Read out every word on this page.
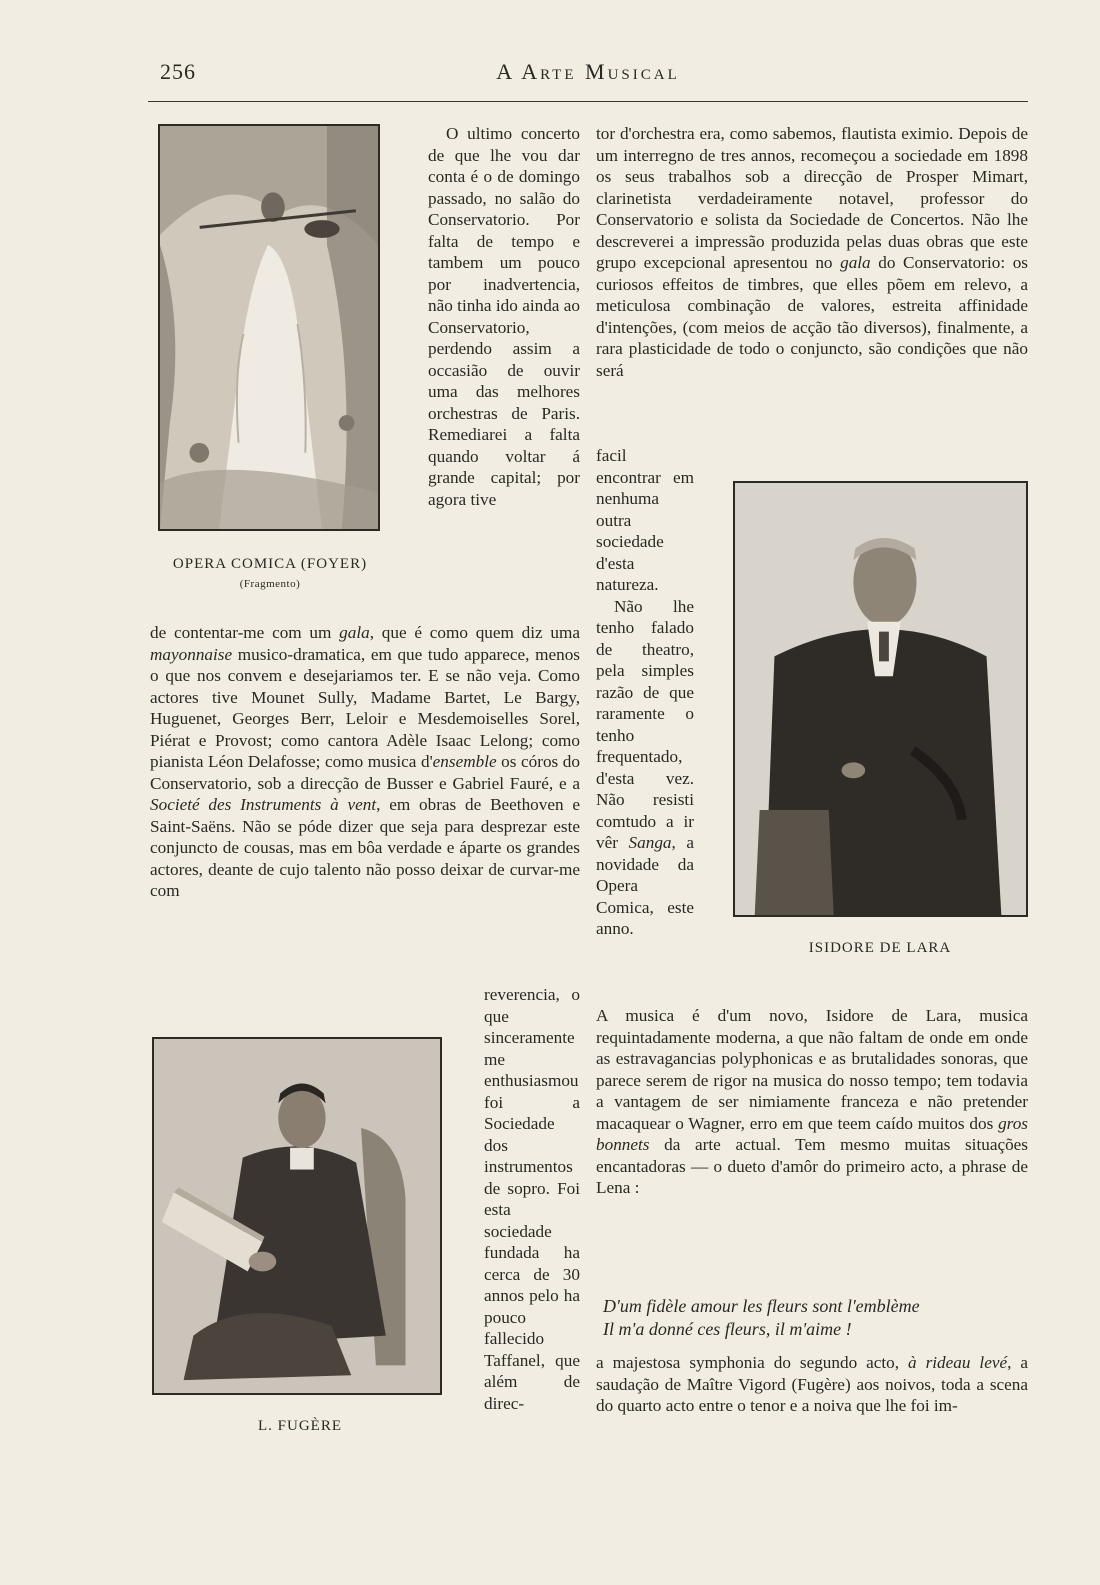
256	A Arte Musical
OPERA COMICA (FOYER)
(Fragmento)

O ultimo concerto de que lhe vou dar conta é o de domingo passado, no salão do Conservatorio. Por falta de tempo e tambem um pouco por inadvertencia, não tinha ido ainda ao Conservatorio, perdendo assim a occasião de ouvir uma das melhores orchestras de Paris. Remediarei a falta quando voltar á grande capital; por agora tive

de contentar-me com um gala, que é como quem diz uma mayonnaise musico-dramatica, em que tudo apparece, menos o que nos convem e desejariamos ter. E se não veja. Como actores tive Mounet Sully, Madame Bartet, Le Bargy, Huguenet, Georges Berr, Leloir e Mesdemoiselles Sorel, Piérat e Provost; como cantora Adèle Isaac Lelong; como pianista Léon Delafosse; como musica d'ensemble os córos do Conservatorio, sob a direcção de Busser e Gabriel Fauré, e a Societé des Instruments à vent, em obras de Beethoven e Saint-Saëns. Não se póde dizer que seja para desprezar este conjuncto de cousas, mas em bôa verdade e áparte os grandes actores, deante de cujo talento não posso deixar de curvar-me com

reverencia, o que sinceramente me enthusiasmou foi a Sociedade dos instrumentos de sopro. Foi esta sociedade fundada ha cerca de 30 annos pelo ha pouco fallecido Taffanel, que além de direc-

L. FUGÈRE

tor d'orchestra era, como sabemos, flautista eximio. Depois de um interregno de tres annos, recomeçou a sociedade em 1898 os seus trabalhos sob a direcção de Prosper Mimart, clarinetista verdadeiramente notavel, professor do Conservatorio e solista da Sociedade de Concertos. Não lhe descreverei a impressão produzida pelas duas obras que este grupo excepcional apresentou no gala do Conservatorio: os curiosos effeitos de timbres, que elles põem em relevo, a meticulosa combinação de valores, estreita affinidade d'intenções, (com meios de acção tão diversos), finalmente, a rara plasticidade de todo o conjuncto, são condições que não será

facil encontrar em nenhuma outra sociedade d'esta natureza.

Não lhe tenho falado de theatro, pela simples razão de que raramente o tenho frequentado, d'esta vez. Não resisti comtudo a ir vêr Sanga, a novidade da Opera Comica, este anno.

ISIDORE DE LARA

A musica é d'um novo, Isidore de Lara, musica requintadamente moderna, a que não faltam de onde em onde as estravagancias polyphonicas e as brutalidades sonoras, que parece serem de rigor na musica do nosso tempo; tem todavia a vantagem de ser nimiamente franceza e não pretender macaquear o Wagner, erro em que teem caído muitos dos gros bonnets da arte actual. Tem mesmo muitas situações encantadoras — o dueto d'amôr do primeiro acto, a phrase de Lena :

D'um fidèle amour les fleurs sont l'emblème
Il m'a donné ces fleurs, il m'aime !

a majestosa symphonia do segundo acto, à rideau levé, a saudação de Maître Vigord (Fugère) aos noivos, toda a scena do quarto acto entre o tenor e a noiva que lhe foi im-
